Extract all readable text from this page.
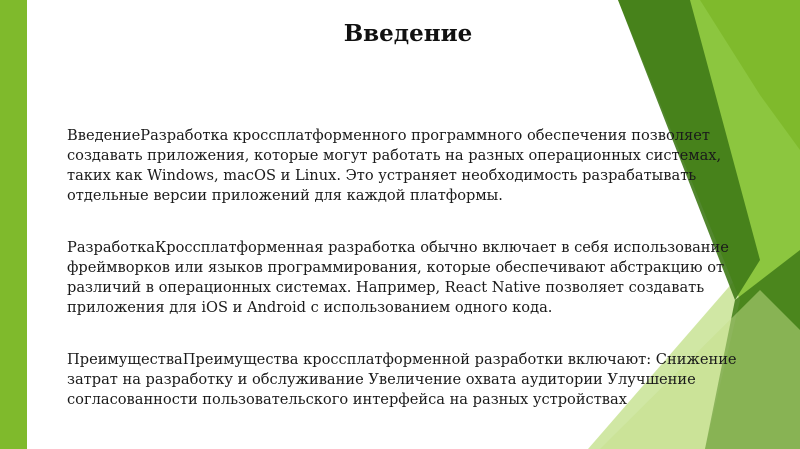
Введение

ВведениеРазработка кроссплатформенного программного обеспечения позволяет
создавать приложения, которые могут работать на разных операционных системах,
таких как Windows, macOS и Linux. Это устраняет необходимость разрабатывать
отдельные версии приложений для каждой платформы.

РазработкаКроссплатформенная разработка обычно включает в себя использование
фреймворков или языков программирования, которые обеспечивают абстракцию от
различий в операционных системах. Например, React Native позволяет создавать
приложения для iOS и Android с использованием одного кода.

ПреимуществаПреимущества кроссплатформенной разработки включают: Снижение
затрат на разработку и обслуживание Увеличение охвата аудитории Улучшение
согласованности пользовательского интерфейса на разных устройствах
